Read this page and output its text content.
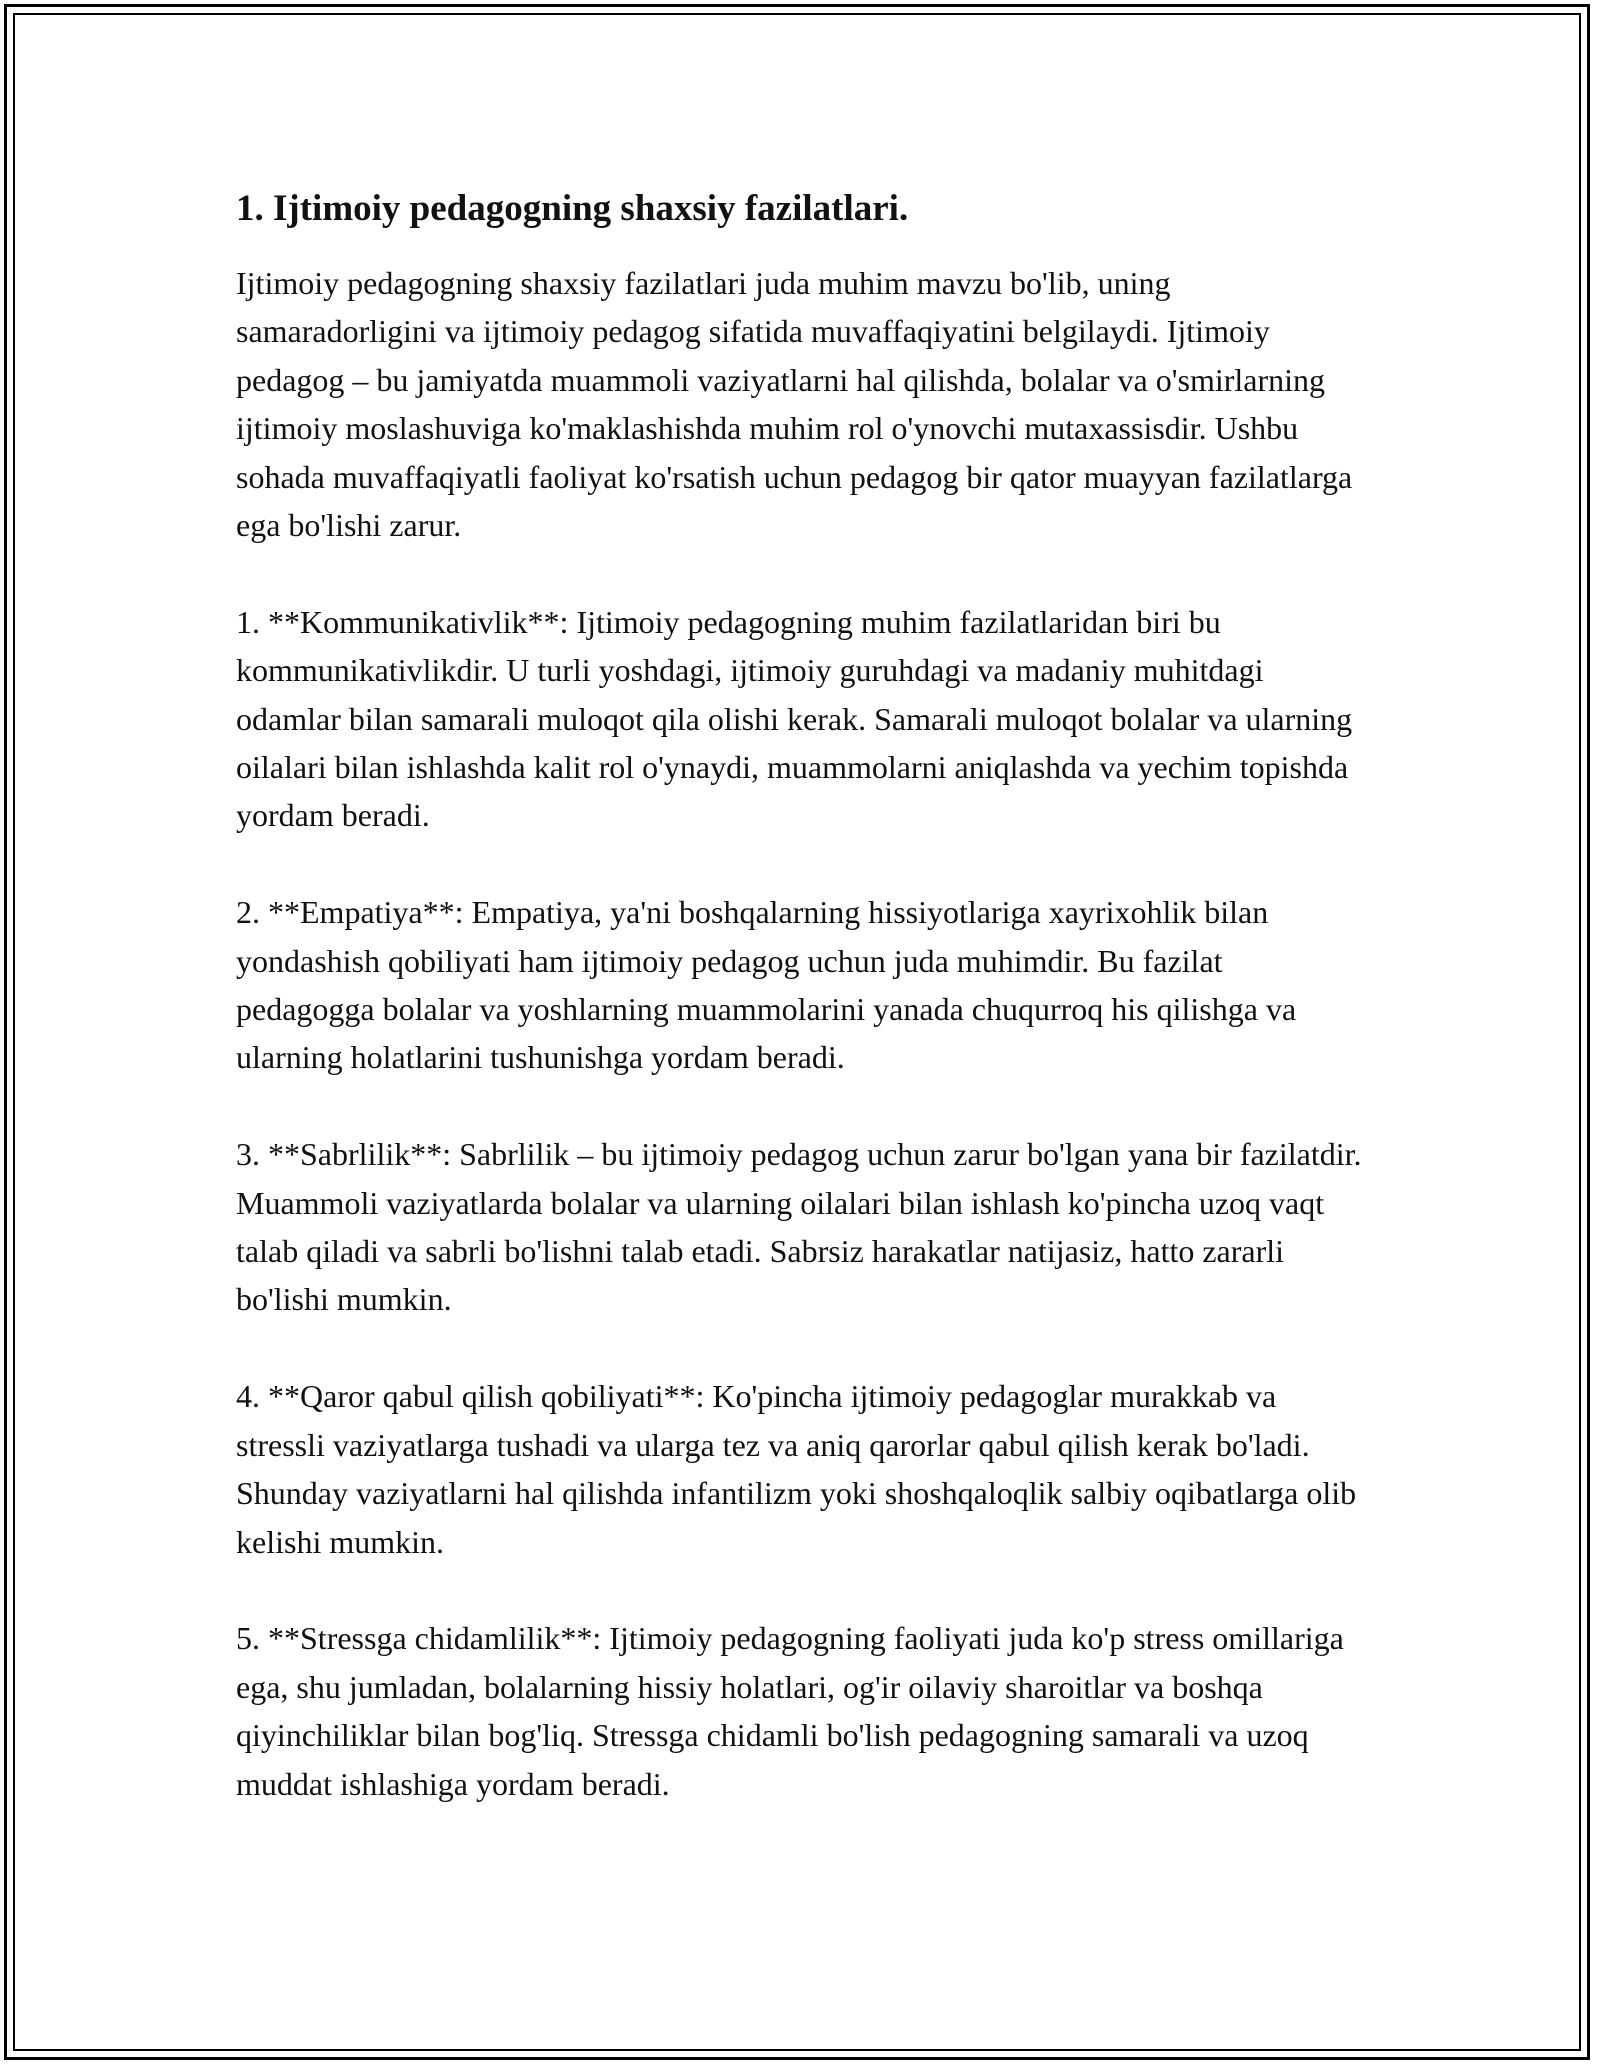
1. Ijtimoiy pedagogning shaxsiy fazilatlari.

Ijtimoiy pedagogning shaxsiy fazilatlari juda muhim mavzu bo'lib, uning samaradorligini va ijtimoiy pedagog sifatida muvaffaqiyatini belgilaydi. Ijtimoiy pedagog – bu jamiyatda muammoli vaziyatlarni hal qilishda, bolalar va o'smirlarning ijtimoiy moslashuviga ko'maklashishda muhim rol o'ynovchi mutaxassisdir. Ushbu sohada muvaffaqiyatli faoliyat ko'rsatish uchun pedagog bir qator muayyan fazilatlarga ega bo'lishi zarur.

1. **Kommunikativlik**: Ijtimoiy pedagogning muhim fazilatlaridan biri bu kommunikativlikdir. U turli yoshdagi, ijtimoiy guruhdagi va madaniy muhitdagi odamlar bilan samarali muloqot qila olishi kerak. Samarali muloqot bolalar va ularning oilalari bilan ishlashda kalit rol o'ynaydi, muammolarni aniqlashda va yechim topishda yordam beradi.

2. **Empatiya**: Empatiya, ya'ni boshqalarning hissiyotlariga xayrixohlik bilan yondashish qobiliyati ham ijtimoiy pedagog uchun juda muhimdir. Bu fazilat pedagogga bolalar va yoshlarning muammolarini yanada chuqurroq his qilishga va ularning holatlarini tushunishga yordam beradi.

3. **Sabrlilik**: Sabrlilik – bu ijtimoiy pedagog uchun zarur bo'lgan yana bir fazilatdir. Muammoli vaziyatlarda bolalar va ularning oilalari bilan ishlash ko'pincha uzoq vaqt talab qiladi va sabrli bo'lishni talab etadi. Sabrsiz harakatlar natijasiz, hatto zararli bo'lishi mumkin.

4. **Qaror qabul qilish qobiliyati**: Ko'pincha ijtimoiy pedagoglar murakkab va stressli vaziyatlarga tushadi va ularga tez va aniq qarorlar qabul qilish kerak bo'ladi. Shunday vaziyatlarni hal qilishda infantilizm yoki shoshqaloqlik salbiy oqibatlarga olib kelishi mumkin.

5. **Stressga chidamlilik**: Ijtimoiy pedagogning faoliyati juda ko'p stress omillariga ega, shu jumladan, bolalarning hissiy holatlari, og'ir oilaviy sharoitlar va boshqa qiyinchiliklar bilan bog'liq. Stressga chidamli bo'lish pedagogning samarali va uzoq muddat ishlashiga yordam beradi.
